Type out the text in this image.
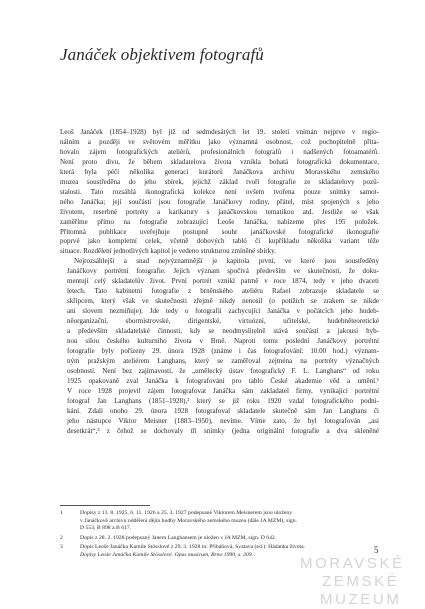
Janáček objektivem fotografů

Leoš Janáček (1854–1928) byl již od sedmdesátých let 19. století vnímán nejprve v regio-
nálním a později ve světovém měřítku jako významná osobnost, což pochopitelně přita-
hovalo zájem fotografických ateliérů, profesionálních fotografů i nadšených fotoamatérů.
Není proto divu, že během skladatelova života vznikla bohatá fotografická dokumentace,
která byla péčí několika generací kurátorů Janáčkova archivu Moravského zemského
muzea soustředěna do jeho sbírek, jejichž základ tvoří fotografie ze skladatelovy pozů-
stalosti. Tato rozsáhlá ikonografická kolekce není ovšem tvořena pouze snímky samot-
ného Janáčka; její součástí jsou fotografie Janáčkovy rodiny, přátel, míst spojených s jeho
životem, reserbné portréty a karikatury s janáčkovskou tematikou atd. Jestliže se však
zaměříme přímo na fotografie zobrazující Leoše Janáčka, nabízeme přes 195 položek.
Přítomná publikace uveřejňuje postupně souhr janáčkovské fotografické ikonografie
poprvé jako kompletní celek, včetně dobových tabló či kupříkladu několika variant téže
situace. Rozdělení jednotlivých kapitol je vedeno strukturou zmíněné sbírky.

Nejrozsáhlejší a snad nejvýznamnější je kapitola první, ve které jsou soustředěny
Janáčkovy portrétní fotografie. Jejich význam spočívá především ve skutečnosti, že doku-
mentují celý skladatelův život. První portrét vznikl patrně v roce 1874, tedy v jeho dvaceti
letech. Tato kabinetní fotografie z brněnského ateliéru Rafael zobrazuje skladatele se
skřipcem, který však ve skutečnosti zřejmě nikdy nenosil (o potížích se zrakem se nikde
ani slovem nezmiňuje). Jde tedy o fotografii zachycující Janáčka v počátcích jeho hudeb-
něorganizační, sbormistrovské, dirigentské, virtuózní, učitelské, hudebněteoretické
a především skladatelské činnosti, kdy se neodmyslitelně stává součástí a jakousi hyb-
nou silou českého kulturního života v Brně. Naproti tomu poslední Janáčkovy portrétní
fotografie byly pořízeny 29. února 1928 (známe i čas fotografování: 10.00 hod.) význam-
ným pražským ateliérem Langhans, který se zaměřoval zejména na portréty význačných
osobností. Není bez zajímavosti, že „umělecký ústav fotografický F. L. Langhans“ od roku
1925 opakovaně zval Janáčka k fotografování pro tablo České akademie věd a umění.¹
V roce 1928 projevil zájem fotografovat Janáčka sám zakladatel firmy, vynikající portrétní
fotograf Jan Langhans (1851–1928),² který se již roku 1920 vzdal fotografického podni-
kání. Zdali onoho 29. února 1928 fotografoval skladatele skutečně sám Jan Langhans či
jeho nástupce Viktor Meisner (1883–1950), nevíme. Víme zato, že byl fotografován „asi
desetkrát“,³ z čehož se dochovaly tři snímky (jedna originální fotografie a dva skleněné

1	Dopisy z 13. 8. 1925, 6. 11. 1926 a 25. 3. 1927 podepsané Viktorem Meisnerem jsou uloženy
v Janáčkově archivu oddělení dějin hudby Moravského zemského muzea (dále JA MZM), sign.
D 553, B 898 a B 617.
2	Dopis z 28. 2. 1928 podepsaný Janem Langhansem je uložen v JA MZM, sign. D 642.
3	Dopis Leoše Janáčka Kamile Stösslové z 29. 3. 1928 in: Přibáňová, Svatava (ed.): Hádanka života.
Dopisy Leoše Janáčka Kamile Stösslové. Opus musicum, Brno 1990, s. 309.	5
MORAVSKÉ
ZEMSKÉ
MUZEUM
